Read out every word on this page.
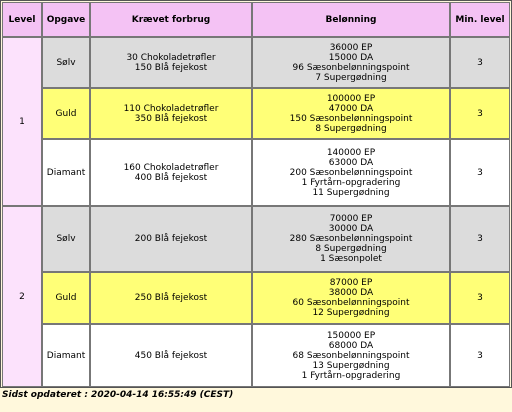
Level	Opgave	Krævet forbrug	Belønning	Min. level
1	Sølv	30 Chokoladetrøfler
150 Blå fejekost	36000 EP
15000 DA
96 Sæsonbelønningspoint
7 Supergødning	3
	Guld	110 Chokoladetrøfler
350 Blå fejekost	100000 EP
47000 DA
150 Sæsonbelønningspoint
8 Supergødning	3
	Diamant	160 Chokoladetrøfler
400 Blå fejekost	140000 EP
63000 DA
200 Sæsonbelønningspoint
1 Fyrtårn-opgradering
11 Supergødning	3
2	Sølv	200 Blå fejekost	70000 EP
30000 DA
280 Sæsonbelønningspoint
8 Supergødning
1 Sæsonpolet	3
	Guld	250 Blå fejekost	87000 EP
38000 DA
60 Sæsonbelønningspoint
12 Supergødning	3
	Diamant	450 Blå fejekost	150000 EP
68000 DA
68 Sæsonbelønningspoint
13 Supergødning
1 Fyrtårn-opgradering	3
Sidst opdateret : 2020-04-14 16:55:49 (CEST)
